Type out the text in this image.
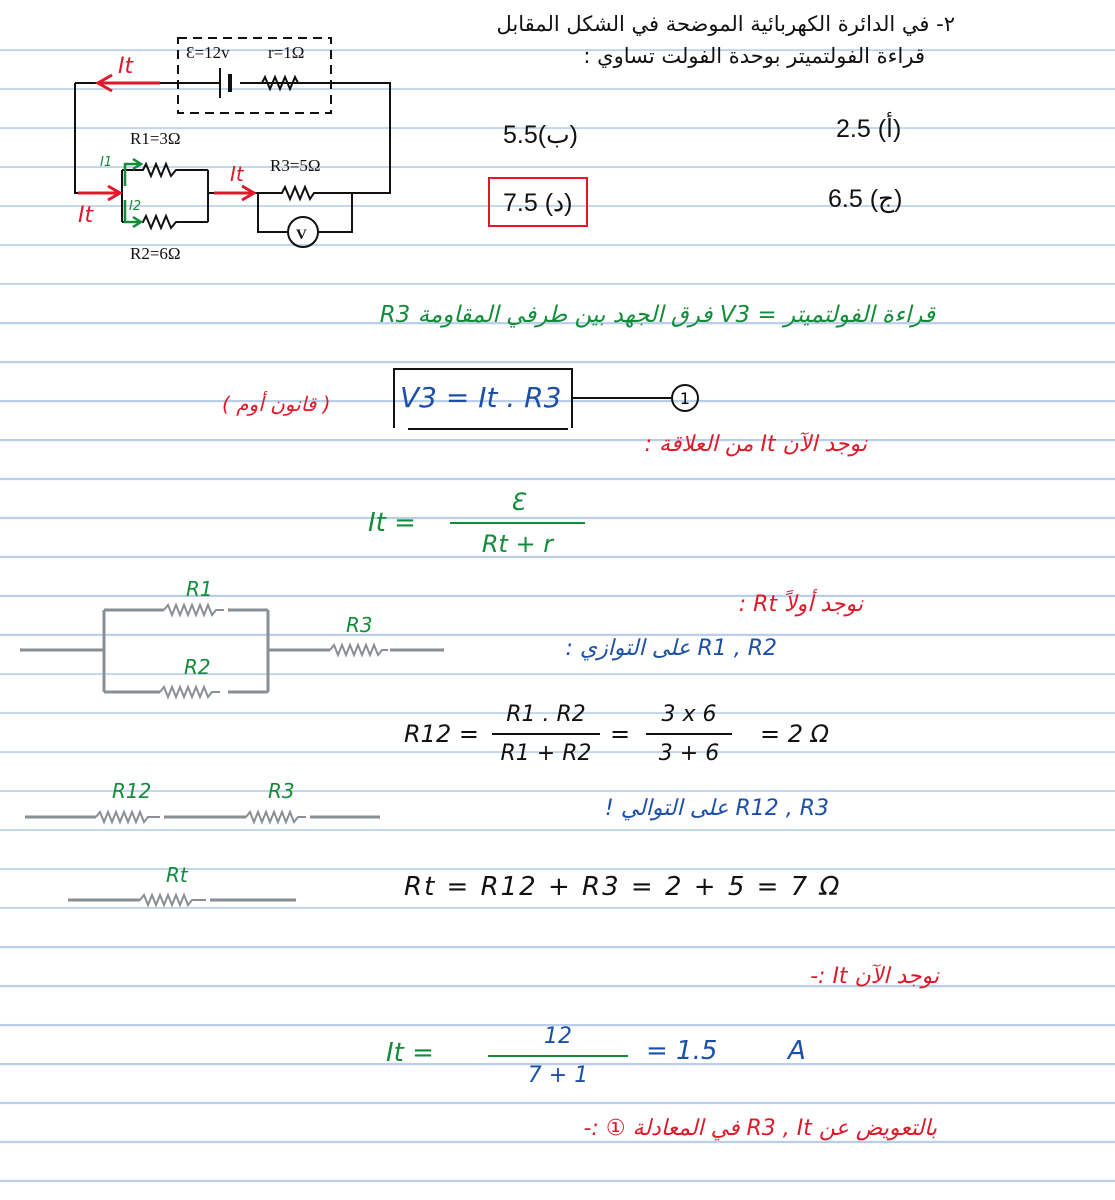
Ɛ=12v r=1Ω
R1=3Ω
R2=6Ω
R3=5Ω
V
It
It
It
I1
I2
٢- في الدائرة الكهربائية الموضحة في الشكل المقابل
قراءة الفولتميتر بوحدة الفولت تساوي :
2.5 (أ)
5.5(ب)
6.5 (ج)
7.5 (د)
قراءة الفولتميتر = V3 فرق الجهد بين طرفي المقاومة R3
( قانون أوم ) V3 = It . R3	1
نوجد الآن It من العلاقة :
It =
Ɛ
Rt + r
R1
R2
R3
نوجد أولاً Rt :
R1 , R2 على التوازي :
R12 =
R1 . R2
R1 + R2
=
3 x 6
3 + 6
= 2 Ω
R12	R3
Rt
R12 , R3 على التوالي !
Rt = R12 + R3 = 2 + 5 = 7 Ω
نوجد الآن It :-
It =
12
7 + 1
= 1.5	A
بالتعويض عن R3 , It في المعادلة ① :-
